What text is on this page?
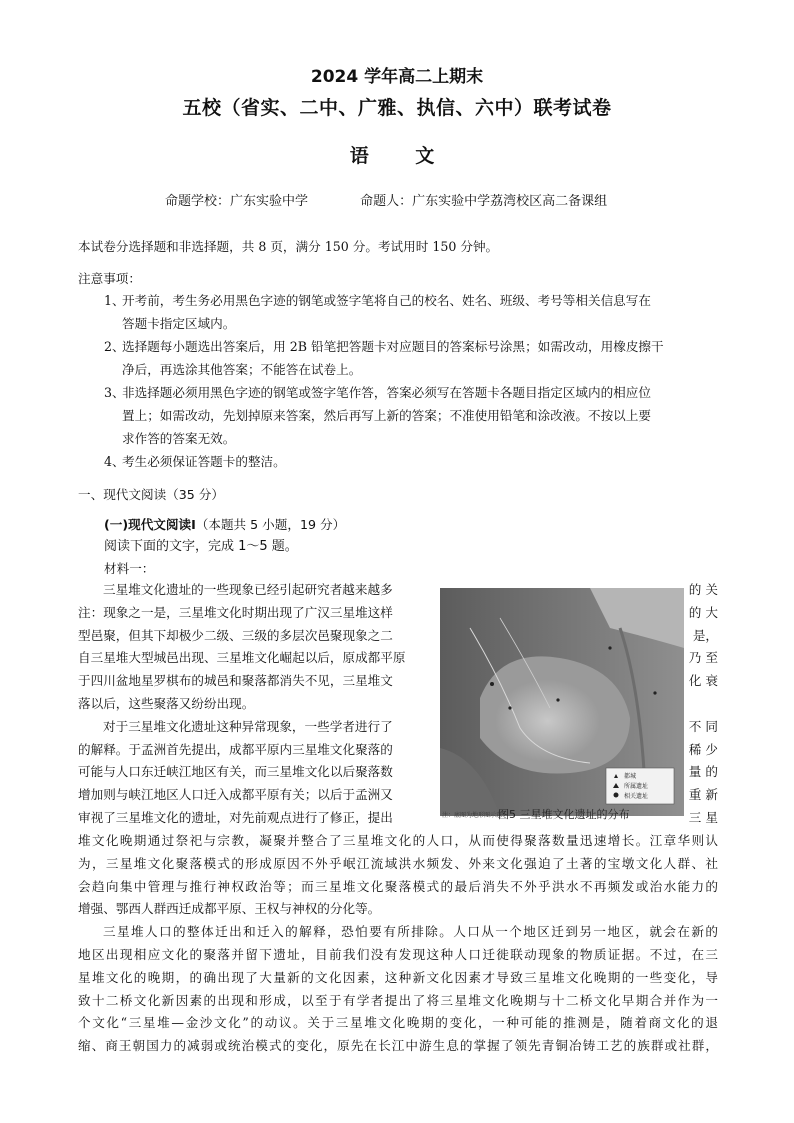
2024 学年高二上期末
五校（省实、二中、广雅、执信、六中）联考试卷
语 文
命题学校：广东实验中学	命题人：广东实验中学荔湾校区高二备课组
本试卷分选择题和非选择题，共 8 页，满分 150 分。考试用时 150 分钟。
注意事项：
1、
开考前，考生务必用黑色字迹的钢笔或签字笔将自己的校名、姓名、班级、考号等相关信息写在
答题卡指定区域内。
2、
选择题每小题选出答案后，用 2B 铅笔把答题卡对应题目的答案标号涂黑；如需改动，用橡皮擦干
净后，再选涂其他答案；不能答在试卷上。
3、
非选择题必须用黑色字迹的钢笔或签字笔作答，答案必须写在答题卡各题目指定区域内的相应位
置上；如需改动，先划掉原来答案，然后再写上新的答案；不准使用铅笔和涂改液。不按以上要
求作答的答案无效。
4、
考生必须保证答题卡的整洁。
一、现代文阅读（35 分）
(一)现代文阅读Ⅰ（本题共 5 小题，19 分）
阅读下面的文字，完成 1～5 题。
材料一：
三星堆文化遗址的一些现象已经引起研究者越来越多	的 关
注：现象之一是，三星堆文化时期出现了广汉三星堆这样	的 大
型邑聚，但其下却极少二级、三级的多层次邑聚现象之二	是，
自三星堆大型城邑出现、三星堆文化崛起以后，原成都平原	乃 至
于四川盆地星罗棋布的城邑和聚落都消失不见，三星堆文	化 衰
落以后，这些聚落又纷纷出现。
对于三星堆文化遗址这种异常现象，一些学者进行了	不 同
的解释。于孟洲首先提出，成都平原内三星堆文化聚落的	稀 少
可能与人口东迁峡江地区有关，而三星堆文化以后聚落数	量 的
增加则与峡江地区人口迁入成都平原有关；以后于孟洲又	重 新
审视了三星堆文化的遗址，对先前观点进行了修正，提出	三 星
堆文化晚期通过祭祀与宗教，凝聚并整合了三星堆文化的人口，从而使得聚落数量迅速增长。江章华则认
为，三星堆文化聚落模式的形成原因不外乎岷江流域洪水频发、外来文化强迫了土著的宝墩文化人群、社
会趋向集中管理与推行神权政治等；而三星堆文化聚落模式的最后消失不外乎洪水不再频发或治水能力的
增强、鄂西人群西迁成都平原、王权与神权的分化等。
三星堆人口的整体迁出和迁入的解释，恐怕要有所排除。人口从一个地区迁到另一地区，就会在新的
地区出现相应文化的聚落并留下遗址，目前我们没有发现这种人口迁徙联动现象的物质证据。不过，在三
星堆文化的晚期，的确出现了大量新的文化因素，这种新文化因素才导致三星堆文化晚期的一些变化，导
致十二桥文化新因素的出现和形成，以至于有学者提出了将三星堆文化晚期与十二桥文化早期合并作为一
个文化“三星堆—金沙文化”的动议。关于三星堆文化晚期的变化，一种可能的推测是，随着商文化的退
缩、商王朝国力的减弱或统治模式的变化，原先在长江中游生息的掌握了领先青铜冶铸工艺的族群或社群，
都城
所属遗址
相关遗址
图5 三星堆文化遗址的分布
注：底图为地形图示意
